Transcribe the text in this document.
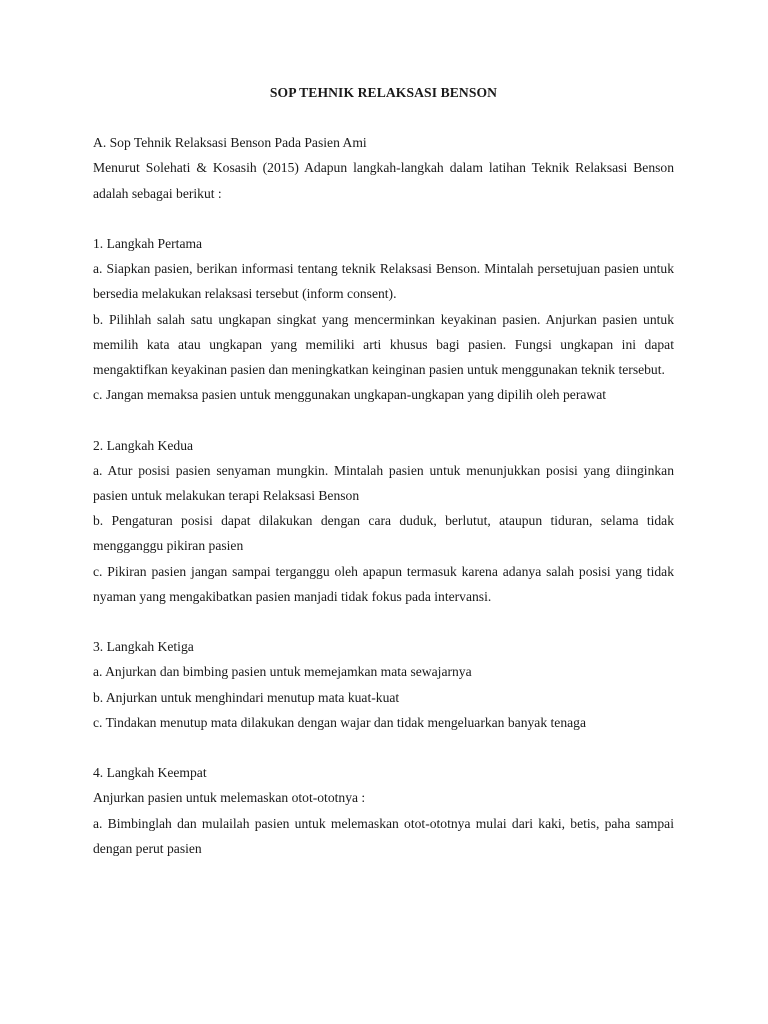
SOP TEHNIK RELAKSASI BENSON

A. Sop Tehnik Relaksasi Benson Pada Pasien Ami

Menurut Solehati & Kosasih (2015) Adapun langkah-langkah dalam latihan Teknik Relaksasi Benson adalah sebagai berikut :

1. Langkah Pertama

a. Siapkan pasien, berikan informasi tentang teknik Relaksasi Benson. Mintalah persetujuan pasien untuk bersedia melakukan relaksasi tersebut (inform consent).

b. Pilihlah salah satu ungkapan singkat yang mencerminkan keyakinan pasien. Anjurkan pasien untuk memilih kata atau ungkapan yang memiliki arti khusus bagi pasien. Fungsi ungkapan ini dapat mengaktifkan keyakinan pasien dan meningkatkan keinginan pasien untuk menggunakan teknik tersebut.

c. Jangan memaksa pasien untuk menggunakan ungkapan-ungkapan yang dipilih oleh perawat

2. Langkah Kedua

a. Atur posisi pasien senyaman mungkin. Mintalah pasien untuk menunjukkan posisi yang diinginkan pasien untuk melakukan terapi Relaksasi Benson

b. Pengaturan posisi dapat dilakukan dengan cara duduk, berlutut, ataupun tiduran, selama tidak mengganggu pikiran pasien

c. Pikiran pasien jangan sampai terganggu oleh apapun termasuk karena adanya salah posisi yang tidak nyaman yang mengakibatkan pasien manjadi tidak fokus pada intervansi.

3. Langkah Ketiga

a. Anjurkan dan bimbing pasien untuk memejamkan mata sewajarnya

b. Anjurkan untuk menghindari menutup mata kuat-kuat

c. Tindakan menutup mata dilakukan dengan wajar dan tidak mengeluarkan banyak tenaga

4. Langkah Keempat

Anjurkan pasien untuk melemaskan otot-ototnya :

a. Bimbinglah dan mulailah pasien untuk melemaskan otot-ototnya mulai dari kaki, betis, paha sampai dengan perut pasien
